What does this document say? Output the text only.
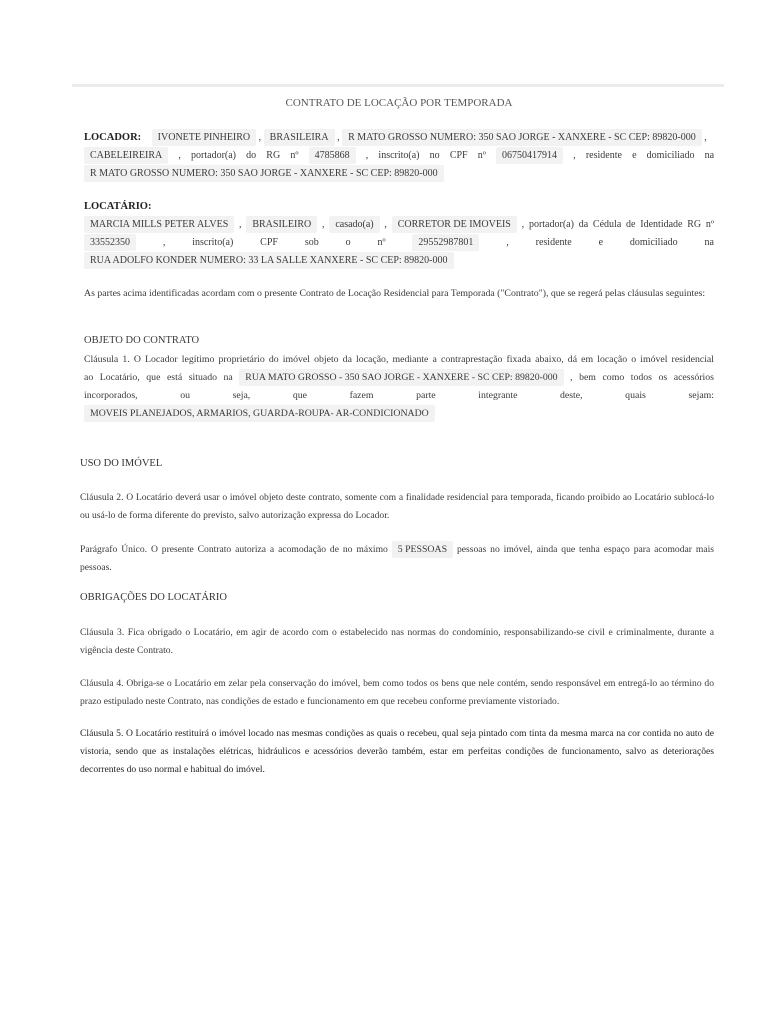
CONTRATO DE LOCAÇÃO POR TEMPORADA
LOCADOR: IVONETE PINHEIRO , BRASILEIRA , R MATO GROSSO NUMERO: 350 SAO JORGE - XANXERE - SC CEP: 89820-000 ,
CABELEIREIRA , portador(a) do RG nº 4785868 , inscrito(a) no CPF nº 06750417914 , residente e domiciliado na
R MATO GROSSO NUMERO: 350 SAO JORGE - XANXERE - SC CEP: 89820-000
LOCATÁRIO:
MARCIA MILLS PETER ALVES , BRASILEIRO , casado(a) , CORRETOR DE IMOVEIS , portador(a) da Cédula de Identidade RG nº
33552350 , inscrito(a)	CPF	sob	o	nº	29552987801 , residente	e	domiciliado	na
RUA ADOLFO KONDER NUMERO: 33 LA SALLE XANXERE - SC CEP: 89820-000
As partes acima identificadas acordam com o presente Contrato de Locação Residencial para Temporada ("Contrato"), que se regerá pelas cláusulas seguintes:
OBJETO DO CONTRATO
Cláusula 1. O Locador legítimo proprietário do imóvel objeto da locação, mediante a contraprestação fixada abaixo, dá em locação o imóvel residencial
ao Locatário, que está situado na RUA MATO GROSSO - 350 SAO JORGE - XANXERE - SC CEP: 89820-000 , bem como todos os acessórios
incorporados,	ou	seja,	que	fazem	parte	integrante	deste,	quais	sejam:
MOVEIS PLANEJADOS, ARMARIOS, GUARDA-ROUPA- AR-CONDICIONADO
USO DO IMÓVEL
Cláusula 2. O Locatário deverá usar o imóvel objeto deste contrato, somente com a finalidade residencial para temporada, ficando proibido ao Locatário sublocá-lo ou usá-lo de forma diferente do previsto, salvo autorização expressa do Locador.
Parágrafo Único. O presente Contrato autoriza a acomodação de no máximo 5 PESSOAS pessoas no imóvel, ainda que tenha espaço para acomodar mais pessoas.
OBRIGAÇÕES DO LOCATÁRIO
Cláusula 3. Fica obrigado o Locatário, em agir de acordo com o estabelecido nas normas do condomínio, responsabilizando-se civil e criminalmente, durante a vigência deste Contrato.
Cláusula 4. Obriga-se o Locatário em zelar pela conservação do imóvel, bem como todos os bens que nele contém, sendo responsável em entregá-lo ao término do prazo estipulado neste Contrato, nas condições de estado e funcionamento em que recebeu conforme previamente vistoriado.
Cláusula 5. O Locatário restituirá o imóvel locado nas mesmas condições as quais o recebeu, qual seja pintado com tinta da mesma marca na cor contida no auto de vistoria, sendo que as instalações elétricas, hidráulicos e acessórios deverão também, estar em perfeitas condições de funcionamento, salvo as deteriorações decorrentes do uso normal e habitual do imóvel.
